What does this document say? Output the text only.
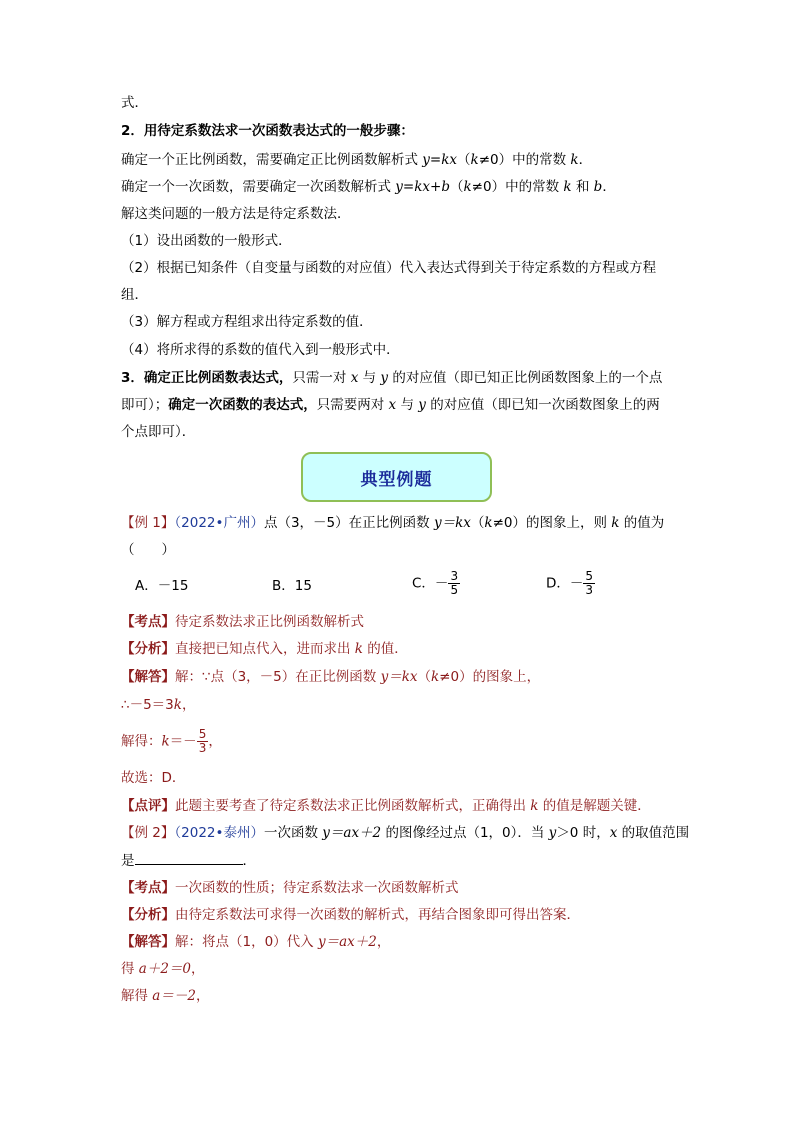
式．
2．用待定系数法求一次函数表达式的一般步骤：
确定一个正比例函数，需要确定正比例函数解析式 y=kx（k≠0）中的常数 k．
确定一个一次函数，需要确定一次函数解析式 y=kx+b（k≠0）中的常数 k 和 b．
解这类问题的一般方法是待定系数法．
（1）设出函数的一般形式．
（2）根据已知条件（自变量与函数的对应值）代入表达式得到关于待定系数的方程或方程
组．
（3）解方程或方程组求出待定系数的值．
（4）将所求得的系数的值代入到一般形式中．
3．确定正比例函数表达式，只需一对 x 与 y 的对应值（即已知正比例函数图象上的一个点
即可）；确定一次函数的表达式，只需要两对 x 与 y 的对应值（即已知一次函数图象上的两
个点即可）．
典型例题
【例 1】（2022•广州）点（3，－5）在正比例函数 y＝kx（k≠0）的图象上，则 k 的值为
（　　）
A．－15	B．15	C．－ $\frac{3}{5}$	D．－ $\frac{5}{3}$
【考点】待定系数法求正比例函数解析式
【分析】直接把已知点代入，进而求出 k 的值．
【解答】解：∵点（3，－5）在正比例函数 y＝kx（k≠0）的图象上，
∴－5＝3k，
解得：$k=- \frac{5}{3}$ ，
故选：D．
【点评】此题主要考查了待定系数法求正比例函数解析式，正确得出 k 的值是解题关键．
【例 2】（2022•泰州）一次函数 y＝ax＋2 的图像经过点（1，0）．当 y＞0 时，x 的取值范围
是	．
【考点】一次函数的性质；待定系数法求一次函数解析式
【分析】由待定系数法可求得一次函数的解析式，再结合图象即可得出答案．
【解答】解：将点（1，0）代入 y＝ax＋2，
得 a＋2＝0，
解得 a＝－2，
